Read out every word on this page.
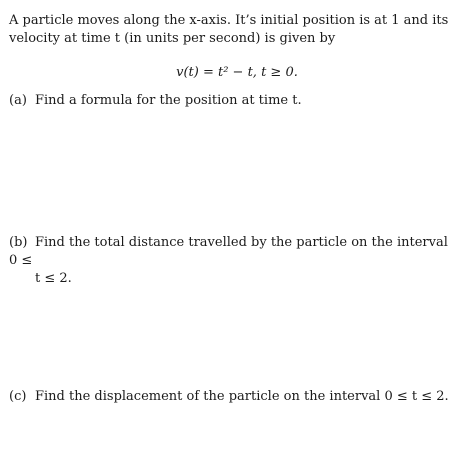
A particle moves along the x-axis. It’s initial position is at 1 and its
velocity at time t (in units per second) is given by
v(t) = t² − t, t ≥ 0.
(a) Find a formula for the position at time t.
(b) Find the total distance travelled by the particle on the interval 0 ≤
t ≤ 2.
(c) Find the displacement of the particle on the interval 0 ≤ t ≤ 2.
